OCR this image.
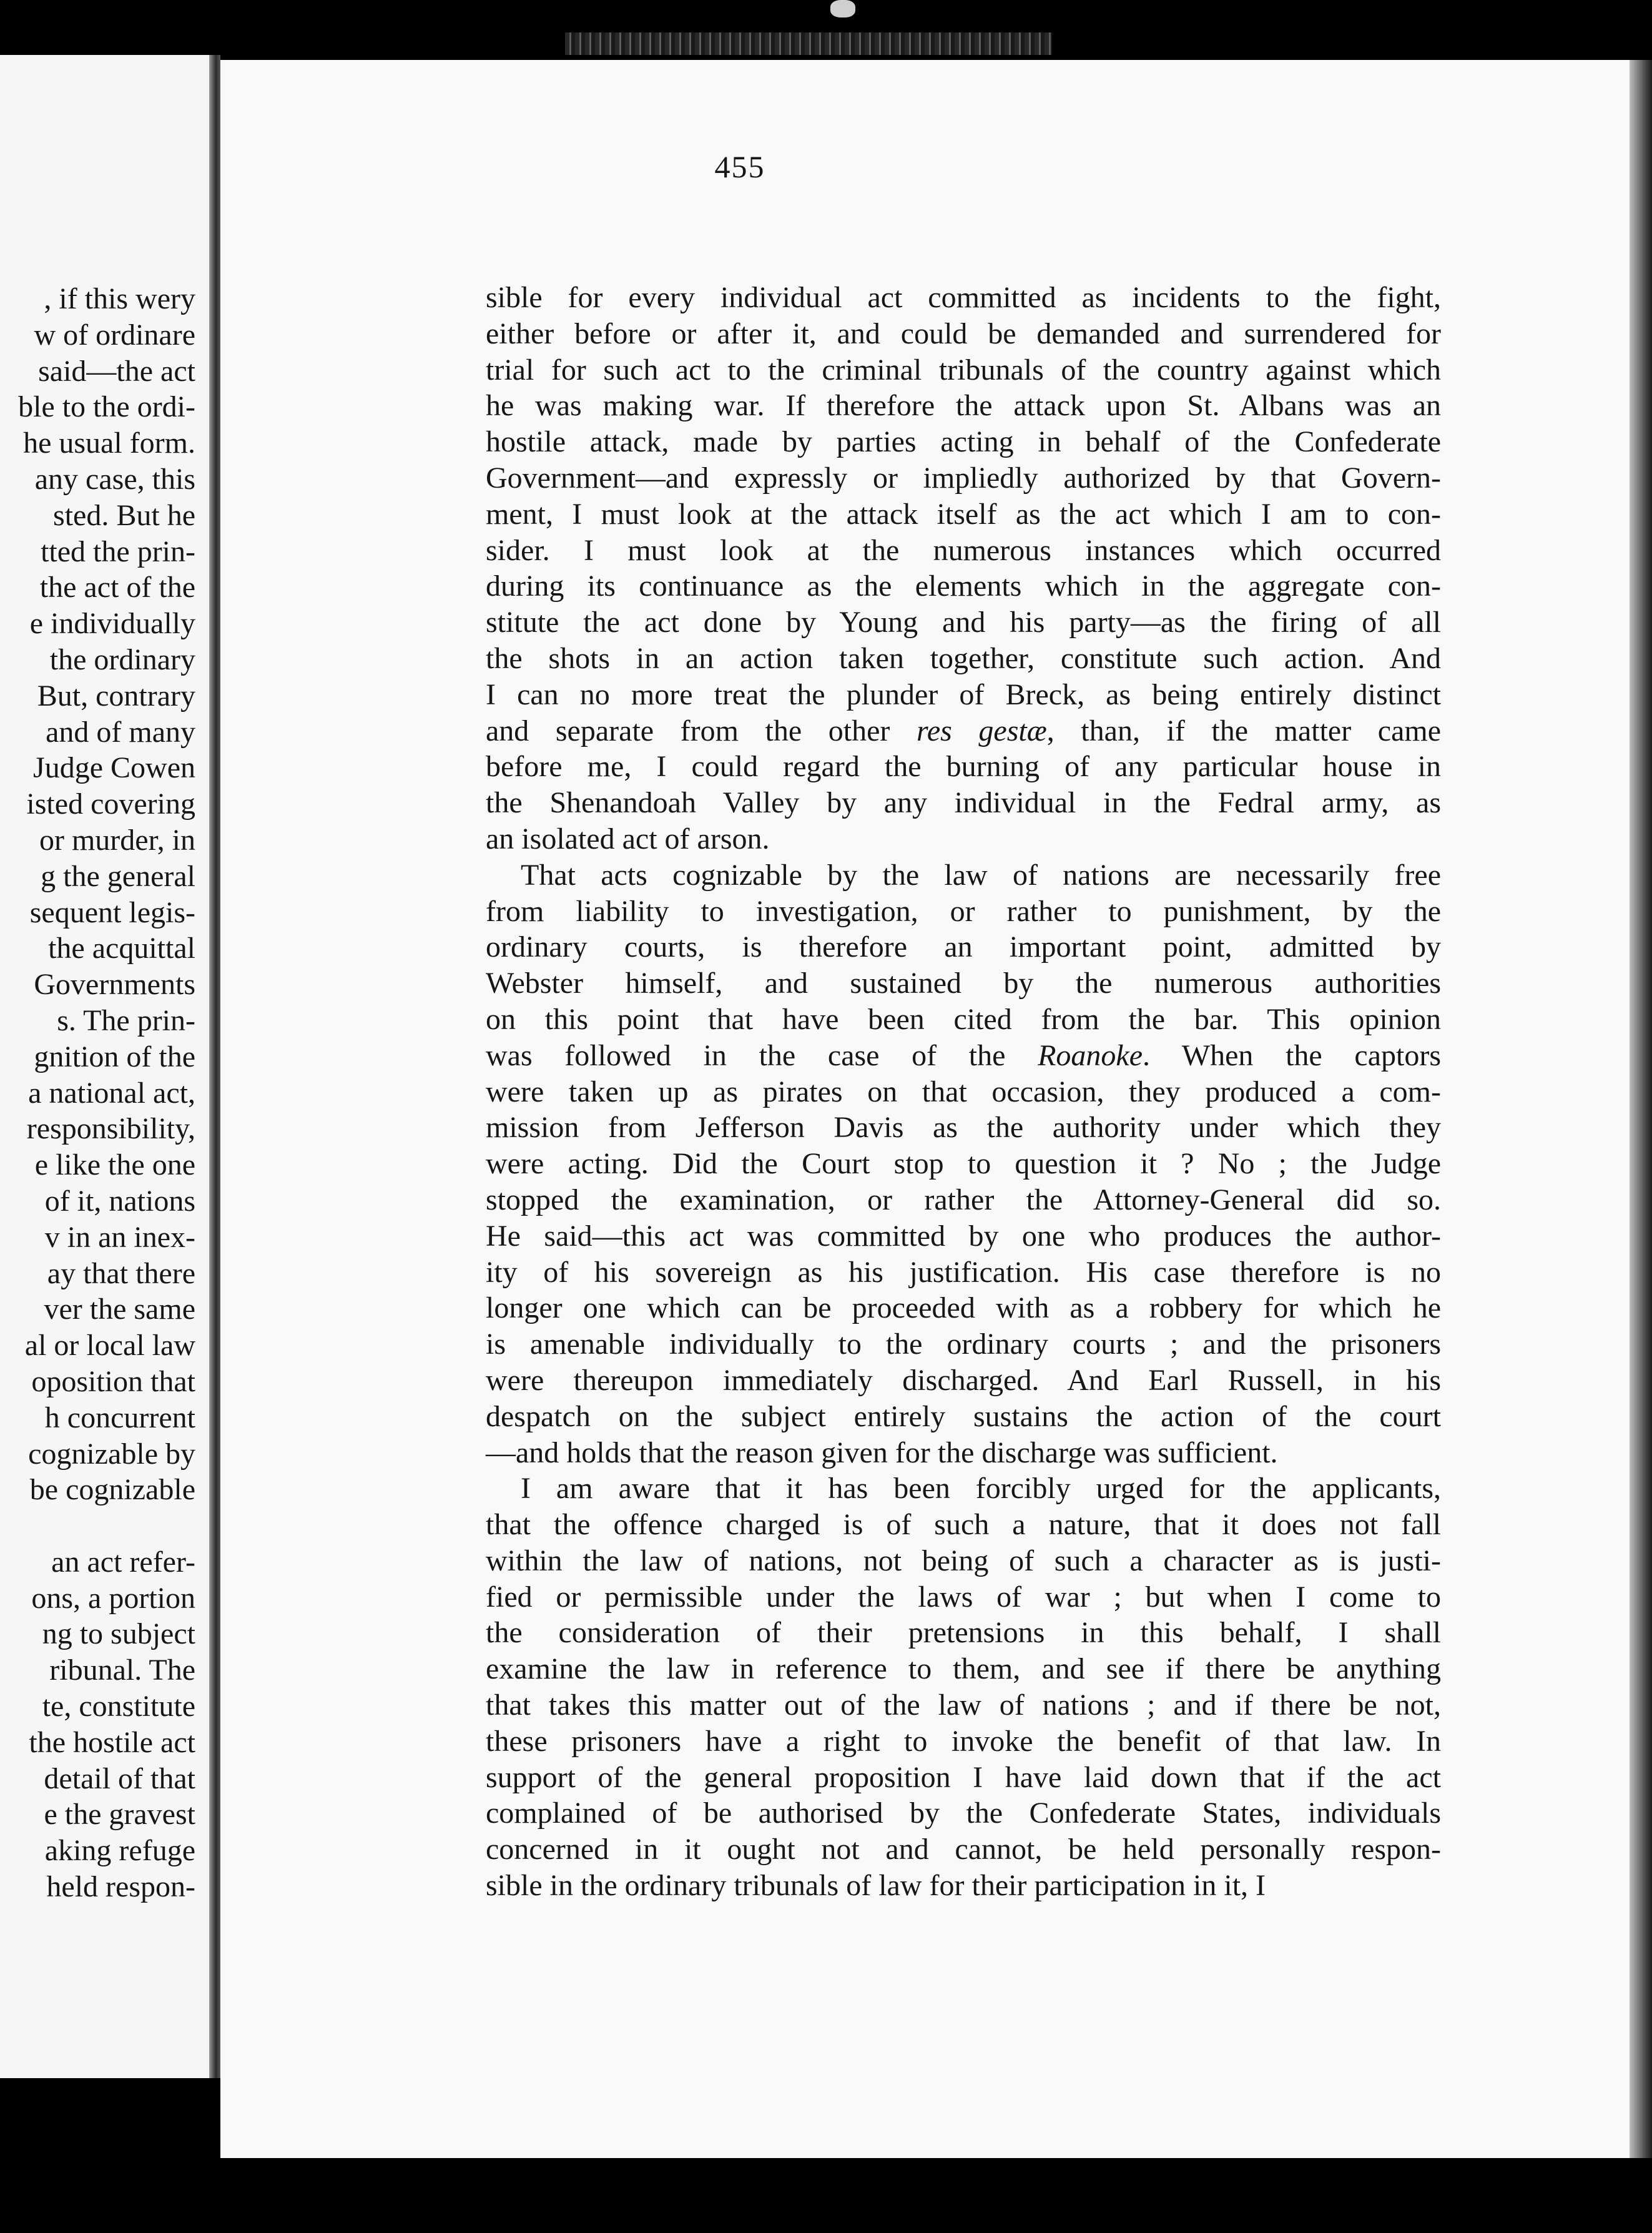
, if this wery
w of ordinare
said—the act
ble to the ordi-
he usual form.
any case, this
sted. But he
tted the prin-
the act of the
e individually
the ordinary
But, contrary
and of many
Judge Cowen
isted covering
or murder, in
g the general
sequent legis-
the acquittal
Governments
s. The prin-
gnition of the
a national act,
responsibility,
e like the one
of it, nations
v in an inex-
ay that there
ver the same
al or local law
oposition that
h concurrent
cognizable by
be cognizable

an act refer-
ons, a portion
ng to subject
ribunal. The
te, constitute
the hostile act
detail of that
e the gravest
aking refuge
held respon-
455
sible for every individual act committed as incidents to the fight,
either before or after it, and could be demanded and surrendered for
trial for such act to the criminal tribunals of the country against which
he was making war. If therefore the attack upon St. Albans was an
hostile attack, made by parties acting in behalf of the Confederate
Government—and expressly or impliedly authorized by that Govern-
ment, I must look at the attack itself as the act which I am to con-
sider. I must look at the numerous instances which occurred
during its continuance as the elements which in the aggregate con-
stitute the act done by Young and his party—as the firing of all
the shots in an action taken together, constitute such action. And
I can no more treat the plunder of Breck, as being entirely distinct
and separate from the other res gestæ, than, if the matter came
before me, I could regard the burning of any particular house in
the Shenandoah Valley by any individual in the Fedral army, as
an isolated act of arson.
That acts cognizable by the law of nations are necessarily free
from liability to investigation, or rather to punishment, by the
ordinary courts, is therefore an important point, admitted by
Webster himself, and sustained by the numerous authorities
on this point that have been cited from the bar. This opinion
was followed in the case of the Roanoke. When the captors
were taken up as pirates on that occasion, they produced a com-
mission from Jefferson Davis as the authority under which they
were acting. Did the Court stop to question it ? No ; the Judge
stopped the examination, or rather the Attorney-General did so.
He said—this act was committed by one who produces the author-
ity of his sovereign as his justification. His case therefore is no
longer one which can be proceeded with as a robbery for which he
is amenable individually to the ordinary courts ; and the prisoners
were thereupon immediately discharged. And Earl Russell, in his
despatch on the subject entirely sustains the action of the court
—and holds that the reason given for the discharge was sufficient.
I am aware that it has been forcibly urged for the applicants,
that the offence charged is of such a nature, that it does not fall
within the law of nations, not being of such a character as is justi-
fied or permissible under the laws of war ; but when I come to
the consideration of their pretensions in this behalf, I shall
examine the law in reference to them, and see if there be anything
that takes this matter out of the law of nations ; and if there be not,
these prisoners have a right to invoke the benefit of that law. In
support of the general proposition I have laid down that if the act
complained of be authorised by the Confederate States, individuals
concerned in it ought not and cannot, be held personally respon-
sible in the ordinary tribunals of law for their participation in it, I
